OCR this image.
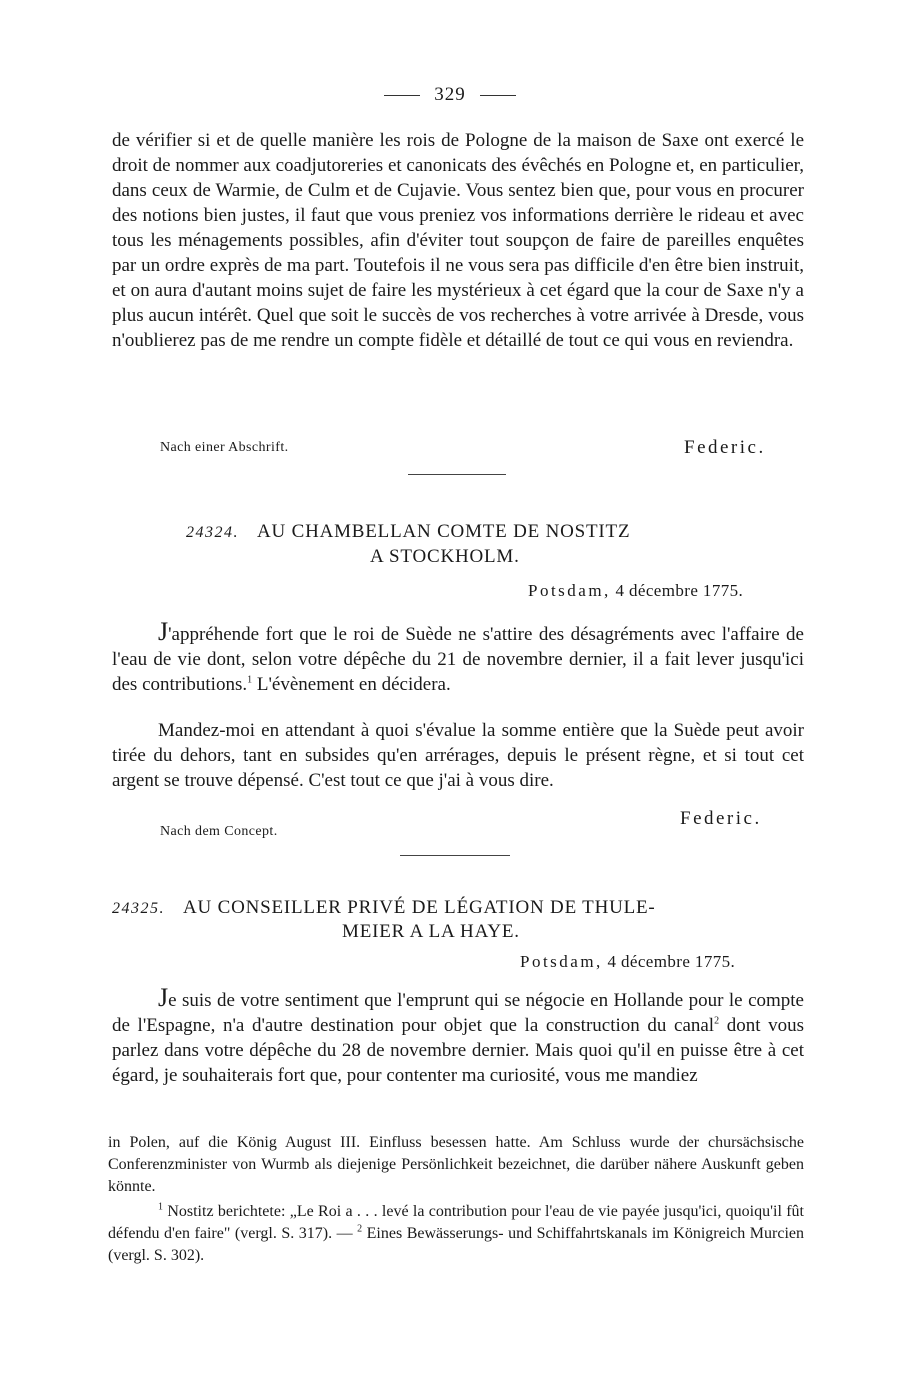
329
de vérifier si et de quelle manière les rois de Pologne de la maison de Saxe ont exercé le droit de nommer aux coadjutoreries et canonicats des évêchés en Pologne et, en particulier, dans ceux de Warmie, de Culm et de Cujavie. Vous sentez bien que, pour vous en procurer des notions bien justes, il faut que vous preniez vos informations derrière le rideau et avec tous les ménagements possibles, afin d'éviter tout soupçon de faire de pareilles enquêtes par un ordre exprès de ma part. Toutefois il ne vous sera pas difficile d'en être bien instruit, et on aura d'autant moins sujet de faire les mystérieux à cet égard que la cour de Saxe n'y a plus aucun intérêt. Quel que soit le succès de vos recherches à votre arrivée à Dresde, vous n'oublierez pas de me rendre un compte fidèle et détaillé de tout ce qui vous en reviendra.
Nach einer Abschrift.	Federic.
24324. AU CHAMBELLAN COMTE DE NOSTITZ
A STOCKHOLM.
Potsdam, 4 décembre 1775.
J'appréhende fort que le roi de Suède ne s'attire des désagréments avec l'affaire de l'eau de vie dont, selon votre dépêche du 21 de novembre dernier, il a fait lever jusqu'ici des contributions.$^1$ L'évènement en décidera.
Mandez-moi en attendant à quoi s'évalue la somme entière que la Suède peut avoir tirée du dehors, tant en subsides qu'en arrérages, depuis le présent règne, et si tout cet argent se trouve dépensé. C'est tout ce que j'ai à vous dire.
Nach dem Concept.
Federic.
24325. AU CONSEILLER PRIVÉ DE LÉGATION DE THULE-
MEIER A LA HAYE.
Potsdam, 4 décembre 1775.
Je suis de votre sentiment que l'emprunt qui se négocie en Hollande pour le compte de l'Espagne, n'a d'autre destination pour objet que la construction du canal$^2$ dont vous parlez dans votre dépêche du 28 de novembre dernier. Mais quoi qu'il en puisse être à cet égard, je souhaiterais fort que, pour contenter ma curiosité, vous me mandiez

in Polen, auf die König August III. Einfluss besessen hatte. Am Schluss wurde der chursächsische Conferenzminister von Wurmb als diejenige Persönlichkeit bezeichnet, die darüber nähere Auskunft geben könnte.

$^1$ Nostitz berichtete: „Le Roi a . . . levé la contribution pour l'eau de vie payée jusqu'ici, quoiqu'il fût défendu d'en faire" (vergl. S. 317). — $^2$ Eines Bewässerungs- und Schiffahrtskanals im Königreich Murcien (vergl. S. 302).
